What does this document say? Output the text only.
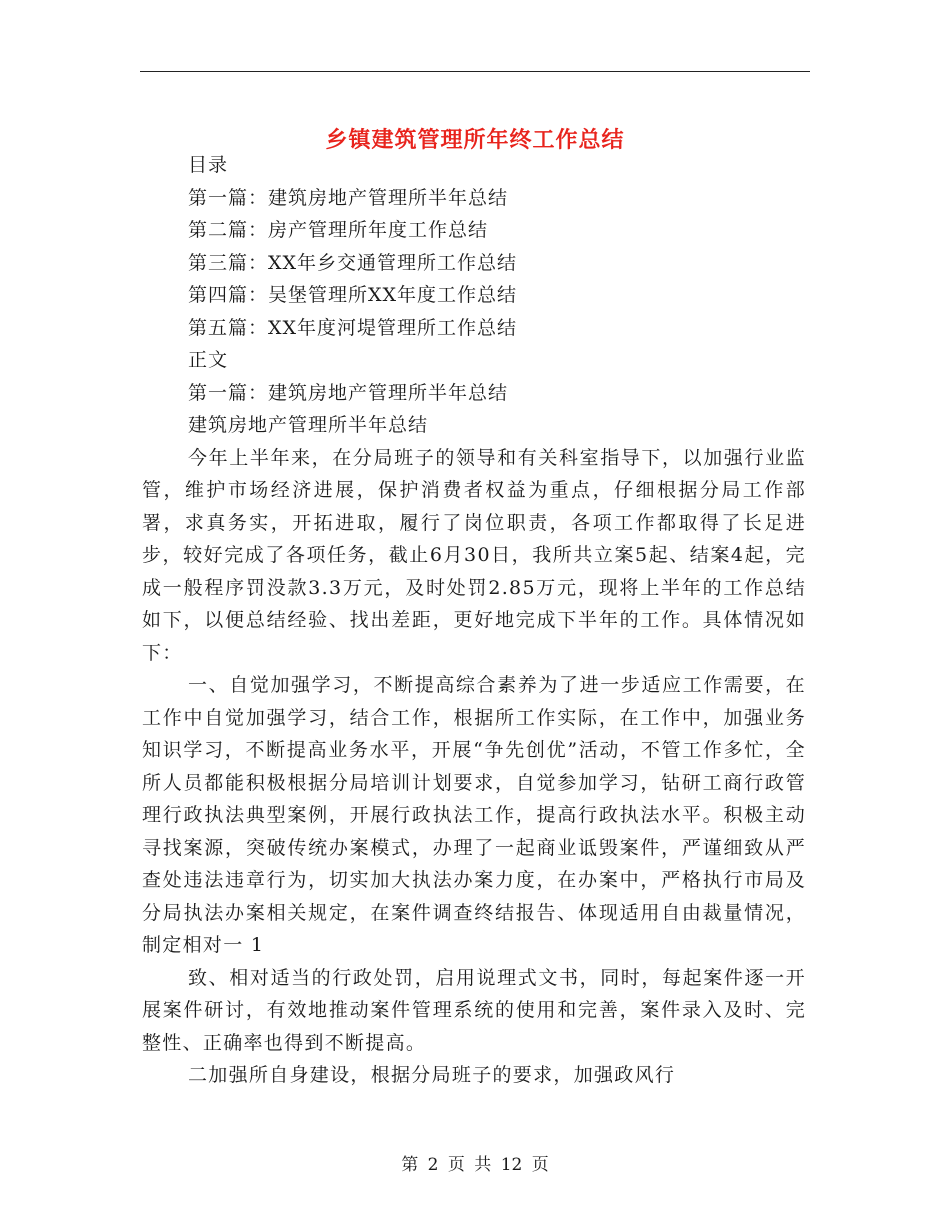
乡镇建筑管理所年终工作总结

目录

第一篇：建筑房地产管理所半年总结

第二篇：房产管理所年度工作总结

第三篇：XX年乡交通管理所工作总结

第四篇：吴堡管理所XX年度工作总结

第五篇：XX年度河堤管理所工作总结

正文

第一篇：建筑房地产管理所半年总结

建筑房地产管理所半年总结

今年上半年来，在分局班子的领导和有关科室指导下，以加强行业监管，维护市场经济进展，保护消费者权益为重点，仔细根据分局工作部署，求真务实，开拓进取，履行了岗位职责，各项工作都取得了长足进步，较好完成了各项任务，截止6月30日，我所共立案5起、结案4起，完成一般程序罚没款3.3万元，及时处罚2.85万元，现将上半年的工作总结如下，以便总结经验、找出差距，更好地完成下半年的工作。具体情况如下：

一、自觉加强学习，不断提高综合素养为了进一步适应工作需要，在工作中自觉加强学习，结合工作，根据所工作实际，在工作中，加强业务知识学习，不断提高业务水平，开展“争先创优”活动，不管工作多忙，全所人员都能积极根据分局培训计划要求，自觉参加学习，钻研工商行政管理行政执法典型案例，开展行政执法工作，提高行政执法水平。积极主动寻找案源，突破传统办案模式，办理了一起商业诋毁案件，严谨细致从严查处违法违章行为，切实加大执法办案力度，在办案中，严格执行市局及分局执法办案相关规定，在案件调查终结报告、体现适用自由裁量情况，制定相对一 1

致、相对适当的行政处罚，启用说理式文书，同时，每起案件逐一开展案件研讨，有效地推动案件管理系统的使用和完善，案件录入及时、完整性、正确率也得到不断提高。

二加强所自身建设，根据分局班子的要求，加强政风行

第 2 页 共 12 页
